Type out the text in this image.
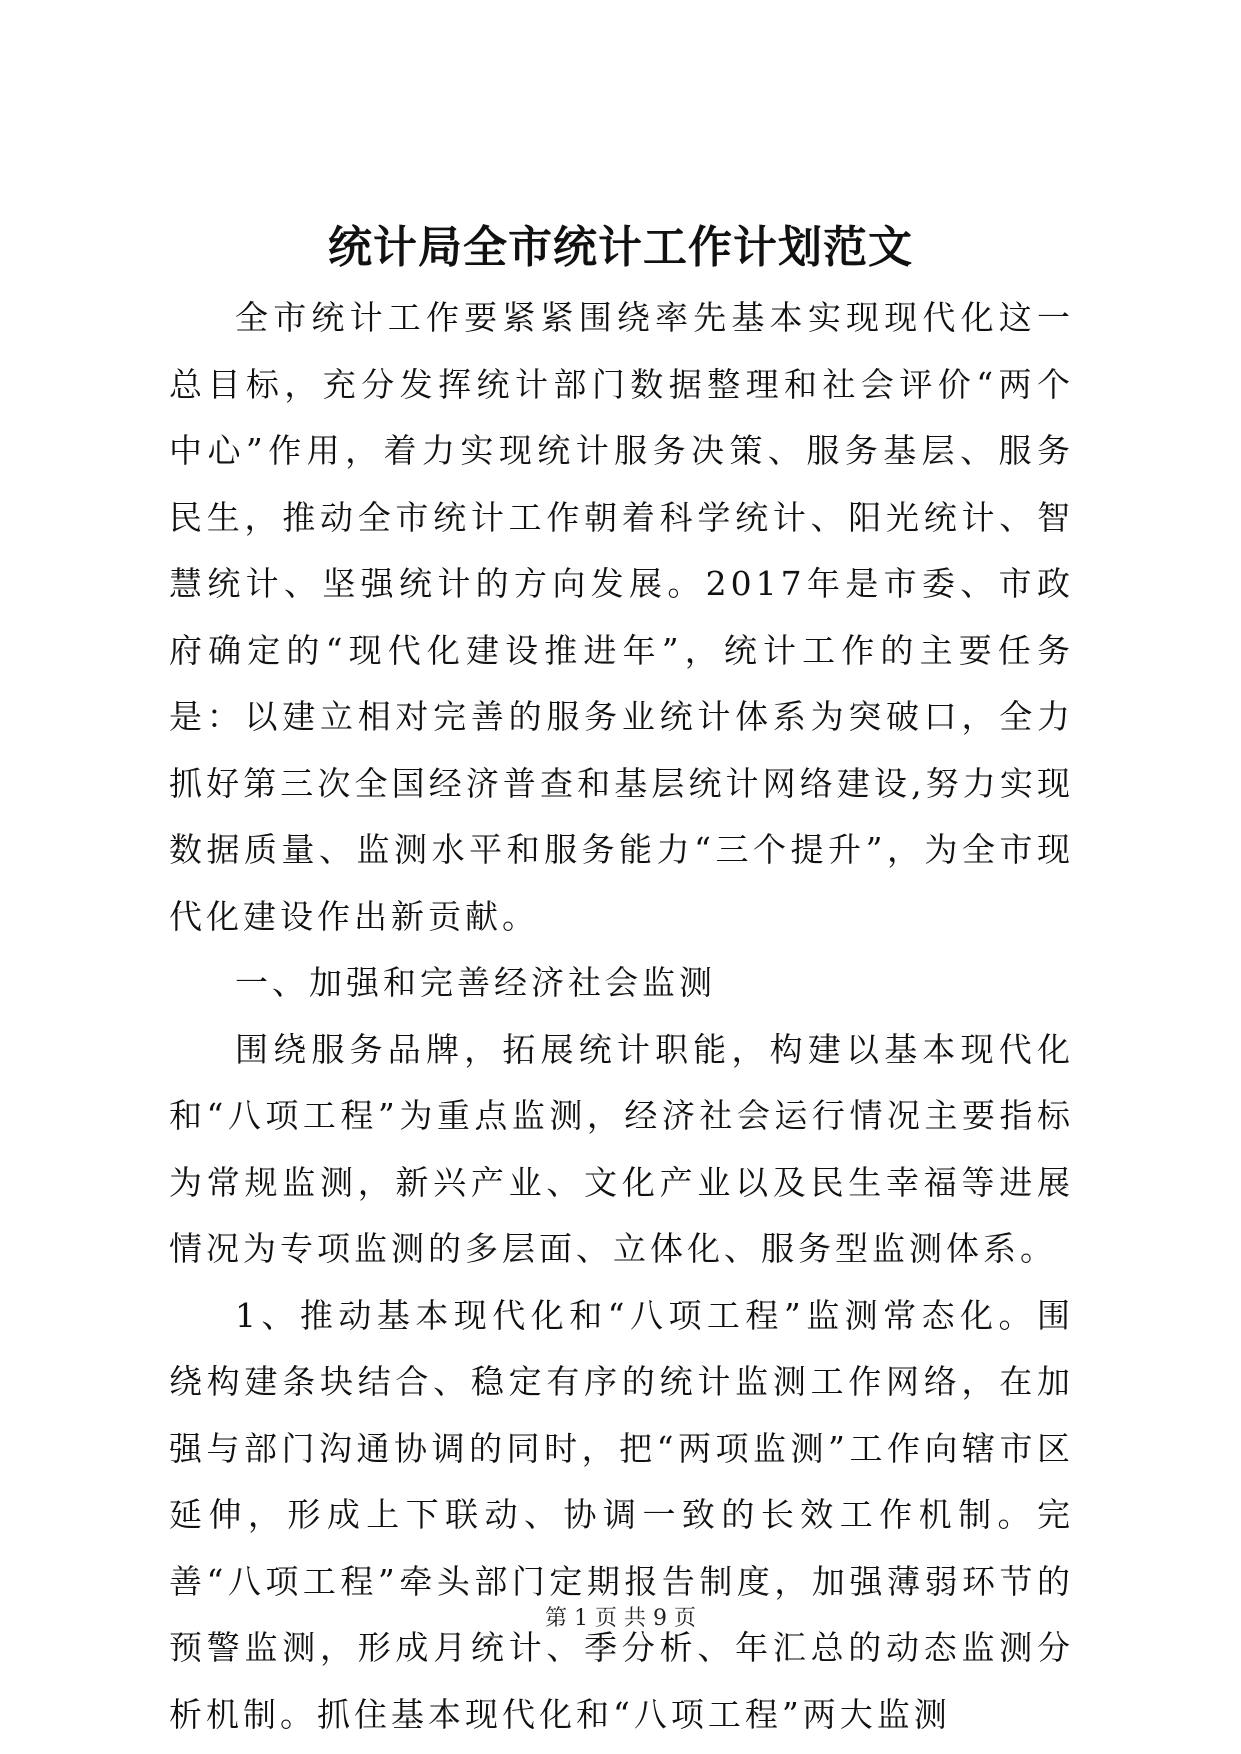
统计局全市统计工作计划范文

全市统计工作要紧紧围绕率先基本实现现代化这一总目标，充分发挥统计部门数据整理和社会评价“两个中心”作用，着力实现统计服务决策、服务基层、服务民生，推动全市统计工作朝着科学统计、阳光统计、智慧统计、坚强统计的方向发展。2017年是市委、市政府确定的“现代化建设推进年”，统计工作的主要任务是：以建立相对完善的服务业统计体系为突破口，全力抓好第三次全国经济普查和基层统计网络建设,努力实现数据质量、监测水平和服务能力“三个提升”，为全市现代化建设作出新贡献。

一、加强和完善经济社会监测

围绕服务品牌，拓展统计职能，构建以基本现代化和“八项工程”为重点监测，经济社会运行情况主要指标为常规监测，新兴产业、文化产业以及民生幸福等进展情况为专项监测的多层面、立体化、服务型监测体系。

1、推动基本现代化和“八项工程”监测常态化。围绕构建条块结合、稳定有序的统计监测工作网络，在加强与部门沟通协调的同时，把“两项监测”工作向辖市区延伸，形成上下联动、协调一致的长效工作机制。完善“八项工程”牵头部门定期报告制度，加强薄弱环节的预警监测，形成月统计、季分析、年汇总的动态监测分析机制。抓住基本现代化和“八项工程”两大监测

第 1 页 共 9 页
